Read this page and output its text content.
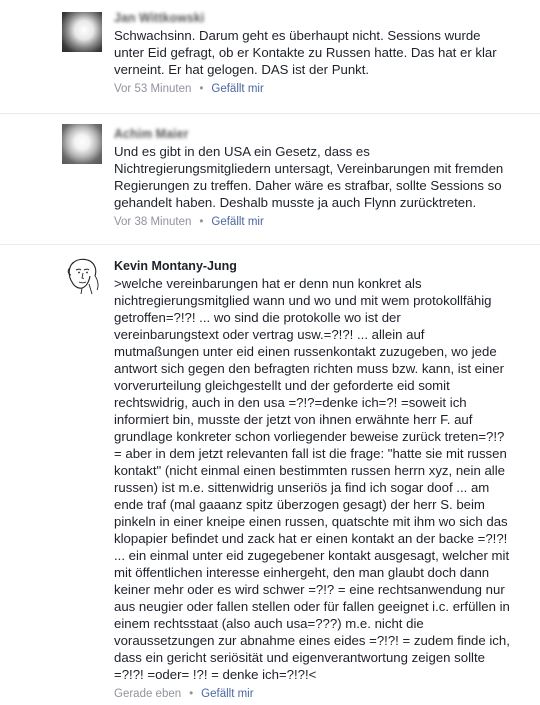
Jan Wittkowski
Schwachsinn. Darum geht es überhaupt nicht. Sessions wurde
unter Eid gefragt, ob er Kontakte zu Russen hatte. Das hat er klar
verneint. Er hat gelogen. DAS ist der Punkt.
Vor 53 Minuten • Gefällt mir
Achim Maier
Und es gibt in den USA ein Gesetz, dass es
Nichtregierungsmitgliedern untersagt, Vereinbarungen mit fremden
Regierungen zu treffen. Daher wäre es strafbar, sollte Sessions so
gehandelt haben. Deshalb musste ja auch Flynn zurücktreten.
Vor 38 Minuten • Gefällt mir
Kevin Montany-Jung
>welche vereinbarungen hat er denn nun konkret als
nichtregierungsmitglied wann und wo und mit wem protokollfähig
getroffen=?!?! ... wo sind die protokolle wo ist der
vereinbarungstext oder vertrag usw.=?!?! ... allein auf
mutmaßungen unter eid einen russenkontakt zuzugeben, wo jede
antwort sich gegen den befragten richten muss bzw. kann, ist einer
vorverurteilung gleichgestellt und der geforderte eid somit
rechtswidrig, auch in den usa =?!?=denke ich=?! =soweit ich
informiert bin, musste der jetzt von ihnen erwähnte herr F. auf
grundlage konkreter schon vorliegender beweise zurück treten=?!?
= aber in dem jetzt relevanten fall ist die frage: "hatte sie mit russen
kontakt" (nicht einmal einen bestimmten russen herrn xyz, nein alle
russen) ist m.e. sittenwidrig unseriös ja find ich sogar doof ... am
ende traf (mal gaaanz spitz überzogen gesagt) der herr S. beim
pinkeln in einer kneipe einen russen, quatschte mit ihm wo sich das
klopapier befindet und zack hat er einen kontakt an der backe =?!?!
... ein einmal unter eid zugegebener kontakt ausgesagt, welcher mit
mit öffentlichen interesse einhergeht, den man glaubt doch dann
keiner mehr oder es wird schwer =?!? = eine rechtsanwendung nur
aus neugier oder fallen stellen oder für fallen geeignet i.c. erfüllen in
einem rechtsstaat (also auch usa=???) m.e. nicht die
voraussetzungen zur abnahme eines eides =?!?! = zudem finde ich,
dass ein gericht seriösität und eigenverantwortung zeigen sollte
=?!?! =oder= !?! = denke ich=?!?!<
Gerade eben • Gefällt mir
